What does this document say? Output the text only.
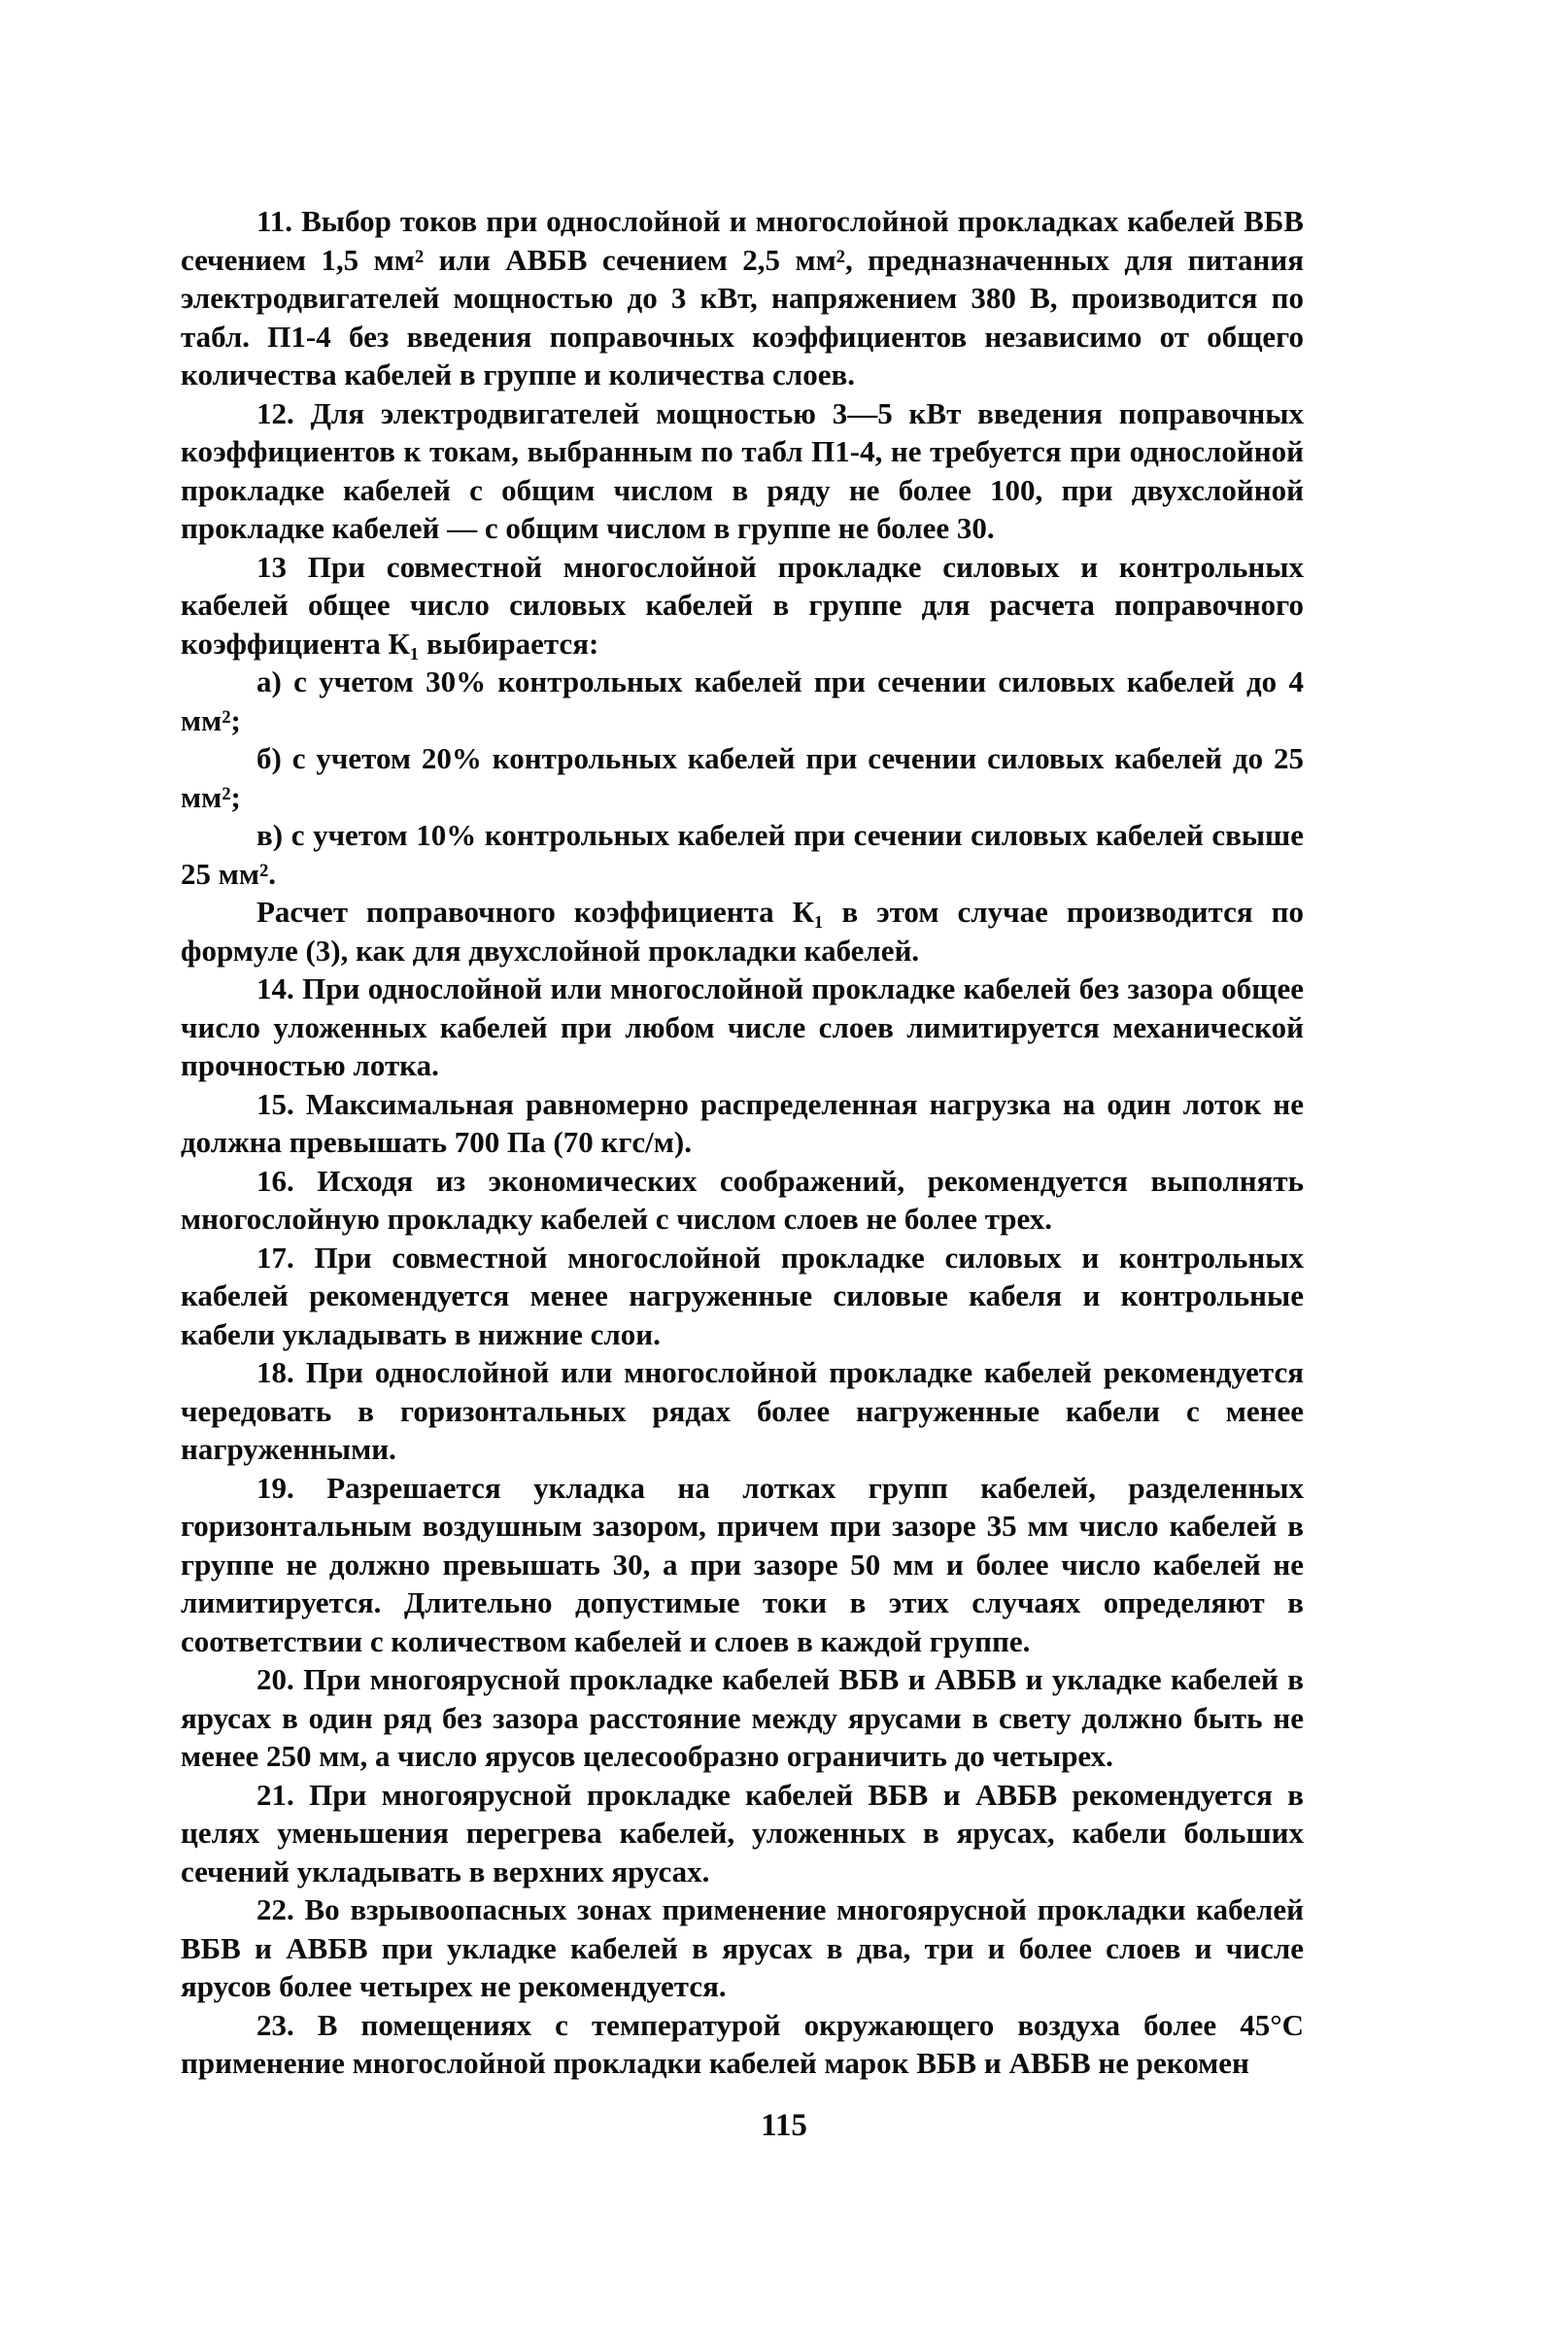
11. Выбор токов при однослойной и многослойной прокладках кабелей ВБВ сечением 1,5 мм² или АВБВ сечением 2,5 мм², предназначенных для питания электродвигателей мощностью до 3 кВт, напряжением 380 В, производится по табл. П1-4 без введения поправочных коэффициентов независимо от общего количества кабелей в группе и количества слоев.

12. Для электродвигателей мощностью 3—5 кВт введения поправочных коэффициентов к токам, выбранным по табл П1-4, не требуется при однослойной прокладке кабелей с общим числом в ряду не более 100, при двухслойной прокладке кабелей — с общим числом в группе не более 30.

13 При совместной многослойной прокладке силовых и контрольных кабелей общее число силовых кабелей в группе для расчета поправочного коэффициента К₁ выбирается:

а) с учетом 30% контрольных кабелей при сечении силовых кабелей до 4 мм²;

б) с учетом 20% контрольных кабелей при сечении силовых кабелей до 25 мм²;

в) с учетом 10% контрольных кабелей при сечении силовых кабелей свыше 25 мм².

Расчет поправочного коэффициента К₁ в этом случае производится по формуле (3), как для двухслойной прокладки кабелей.

14. При однослойной или многослойной прокладке кабелей без зазора общее число уложенных кабелей при любом числе слоев лимитируется механической прочностью лотка.

15. Максимальная равномерно распределенная нагрузка на один лоток не должна превышать 700 Па (70 кгс/м).

16. Исходя из экономических соображений, рекомендуется выполнять многослойную прокладку кабелей с числом слоев не более трех.

17. При совместной многослойной прокладке силовых и контрольных кабелей рекомендуется менее нагруженные силовые кабеля и контрольные кабели укладывать в нижние слои.

18. При однослойной или многослойной прокладке кабелей рекомендуется чередовать в горизонтальных рядах более нагруженные кабели с менее нагруженными.

19. Разрешается укладка на лотках групп кабелей, разделенных горизонтальным воздушным зазором, причем при зазоре 35 мм число кабелей в группе не должно превышать 30, а при зазоре 50 мм и более число кабелей не лимитируется. Длительно допустимые токи в этих случаях определяют в соответствии с количеством кабелей и слоев в каждой группе.

20. При многоярусной прокладке кабелей ВБВ и АВБВ и укладке кабелей в ярусах в один ряд без зазора расстояние между ярусами в свету должно быть не менее 250 мм, а число ярусов целесообразно ограничить до четырех.

21. При многоярусной прокладке кабелей ВБВ и АВБВ рекомендуется в целях уменьшения перегрева кабелей, уложенных в ярусах, кабели больших сечений укладывать в верхних ярусах.

22. Во взрывоопасных зонах применение многоярусной прокладки кабелей ВБВ и АВБВ при укладке кабелей в ярусах в два, три и более слоев и числе ярусов более четырех не рекомендуется.

23. В помещениях с температурой окружающего воздуха более 45°С применение многослойной прокладки кабелей марок ВБВ и АВБВ не рекомен

115
